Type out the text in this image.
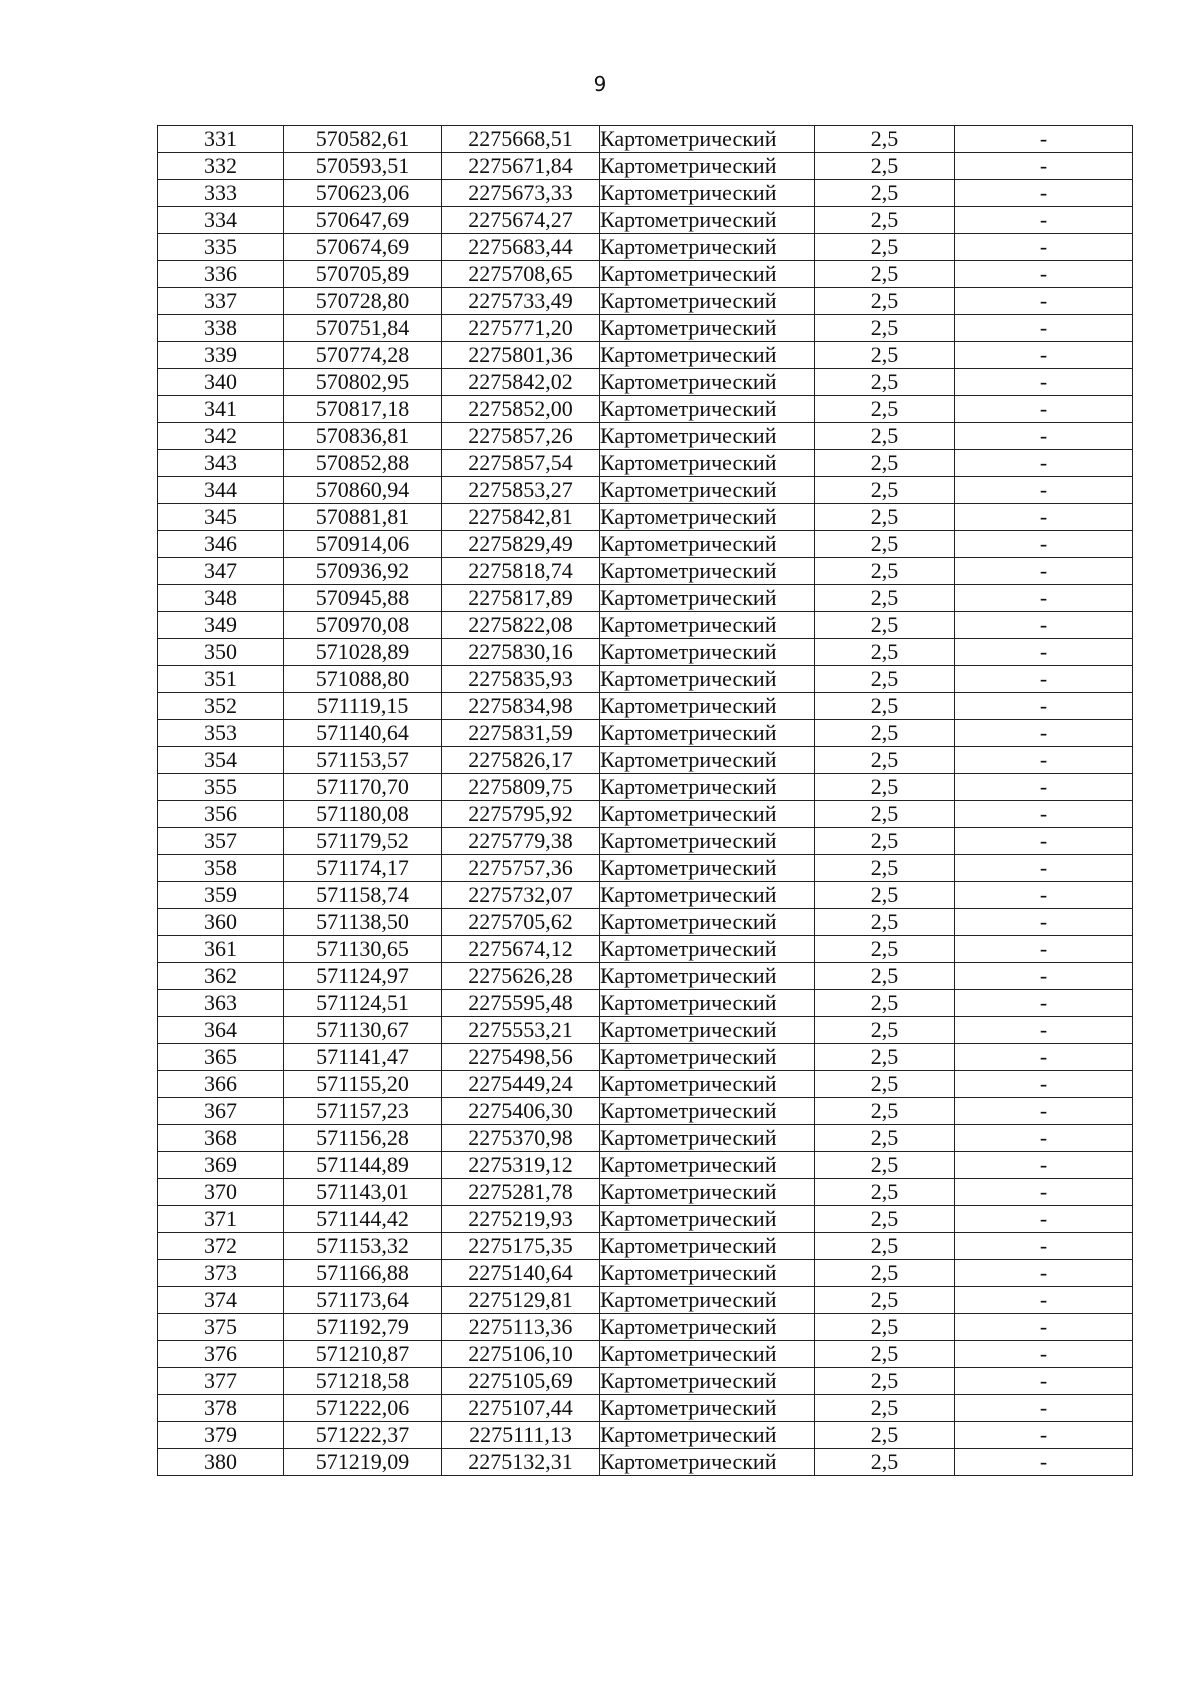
9
331	570582,61	2275668,51	Картометрический	2,5	-
332	570593,51	2275671,84	Картометрический	2,5	-
333	570623,06	2275673,33	Картометрический	2,5	-
334	570647,69	2275674,27	Картометрический	2,5	-
335	570674,69	2275683,44	Картометрический	2,5	-
336	570705,89	2275708,65	Картометрический	2,5	-
337	570728,80	2275733,49	Картометрический	2,5	-
338	570751,84	2275771,20	Картометрический	2,5	-
339	570774,28	2275801,36	Картометрический	2,5	-
340	570802,95	2275842,02	Картометрический	2,5	-
341	570817,18	2275852,00	Картометрический	2,5	-
342	570836,81	2275857,26	Картометрический	2,5	-
343	570852,88	2275857,54	Картометрический	2,5	-
344	570860,94	2275853,27	Картометрический	2,5	-
345	570881,81	2275842,81	Картометрический	2,5	-
346	570914,06	2275829,49	Картометрический	2,5	-
347	570936,92	2275818,74	Картометрический	2,5	-
348	570945,88	2275817,89	Картометрический	2,5	-
349	570970,08	2275822,08	Картометрический	2,5	-
350	571028,89	2275830,16	Картометрический	2,5	-
351	571088,80	2275835,93	Картометрический	2,5	-
352	571119,15	2275834,98	Картометрический	2,5	-
353	571140,64	2275831,59	Картометрический	2,5	-
354	571153,57	2275826,17	Картометрический	2,5	-
355	571170,70	2275809,75	Картометрический	2,5	-
356	571180,08	2275795,92	Картометрический	2,5	-
357	571179,52	2275779,38	Картометрический	2,5	-
358	571174,17	2275757,36	Картометрический	2,5	-
359	571158,74	2275732,07	Картометрический	2,5	-
360	571138,50	2275705,62	Картометрический	2,5	-
361	571130,65	2275674,12	Картометрический	2,5	-
362	571124,97	2275626,28	Картометрический	2,5	-
363	571124,51	2275595,48	Картометрический	2,5	-
364	571130,67	2275553,21	Картометрический	2,5	-
365	571141,47	2275498,56	Картометрический	2,5	-
366	571155,20	2275449,24	Картометрический	2,5	-
367	571157,23	2275406,30	Картометрический	2,5	-
368	571156,28	2275370,98	Картометрический	2,5	-
369	571144,89	2275319,12	Картометрический	2,5	-
370	571143,01	2275281,78	Картометрический	2,5	-
371	571144,42	2275219,93	Картометрический	2,5	-
372	571153,32	2275175,35	Картометрический	2,5	-
373	571166,88	2275140,64	Картометрический	2,5	-
374	571173,64	2275129,81	Картометрический	2,5	-
375	571192,79	2275113,36	Картометрический	2,5	-
376	571210,87	2275106,10	Картометрический	2,5	-
377	571218,58	2275105,69	Картометрический	2,5	-
378	571222,06	2275107,44	Картометрический	2,5	-
379	571222,37	2275111,13	Картометрический	2,5	-
380	571219,09	2275132,31	Картометрический	2,5	-
